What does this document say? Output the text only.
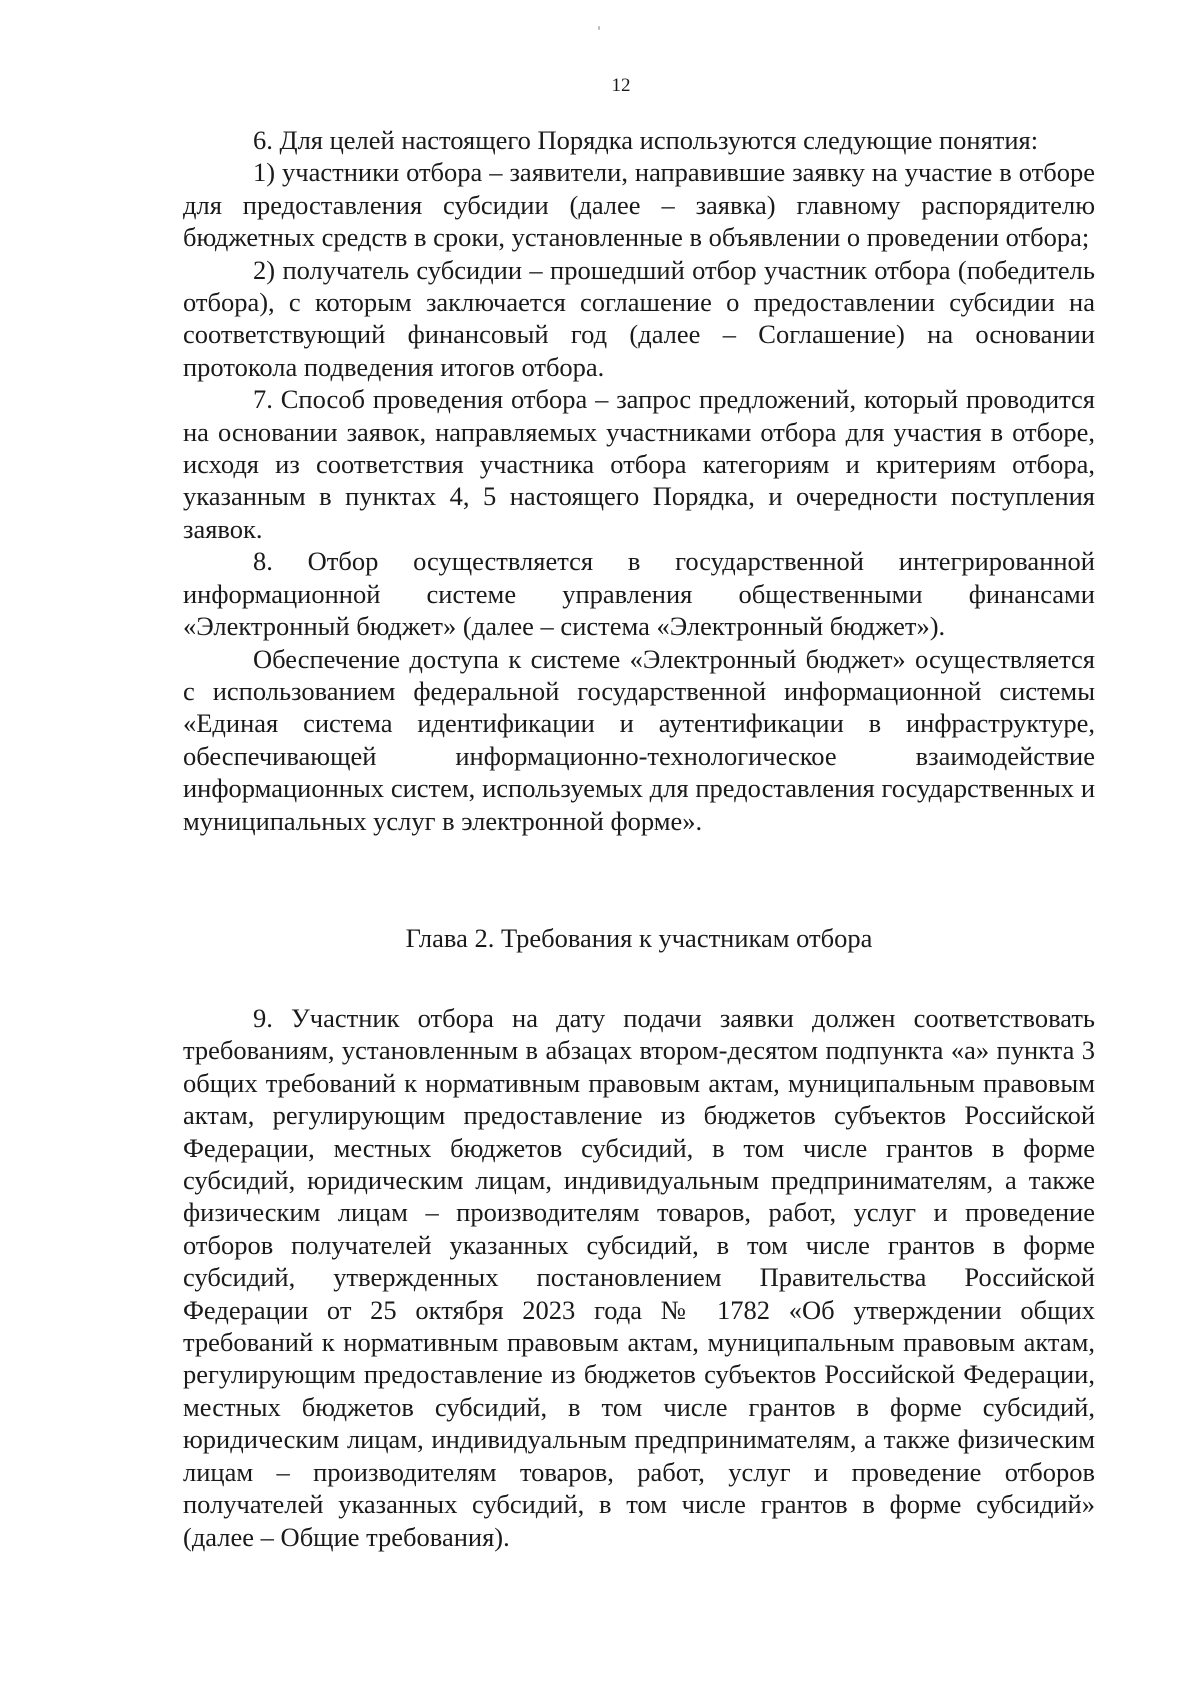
12

6. Для целей настоящего Порядка используются следующие понятия:

1) участники отбора – заявители, направившие заявку на участие в отборе для предоставления субсидии (далее – заявка) главному распорядителю бюджетных средств в сроки, установленные в объявлении о проведении отбора;

2) получатель субсидии – прошедший отбор участник отбора (победитель отбора), с которым заключается соглашение о предоставлении субсидии на соответствующий финансовый год (далее – Соглашение) на основании протокола подведения итогов отбора.

7. Способ проведения отбора – запрос предложений, который проводится на основании заявок, направляемых участниками отбора для участия в отборе, исходя из соответствия участника отбора категориям и критериям отбора, указанным в пунктах 4, 5 настоящего Порядка, и очередности поступления заявок.

8. Отбор осуществляется в государственной интегрированной информационной системе управления общественными финансами «Электронный бюджет» (далее – система «Электронный бюджет»).

Обеспечение доступа к системе «Электронный бюджет» осуществляется с использованием федеральной государственной информационной системы «Единая система идентификации и аутентификации в инфраструктуре, обеспечивающей информационно-технологическое взаимодействие информационных систем, используемых для предоставления государственных и муниципальных услуг в электронной форме».

Глава 2. Требования к участникам отбора

9. Участник отбора на дату подачи заявки должен соответствовать требованиям, установленным в абзацах втором-десятом подпункта «а» пункта 3 общих требований к нормативным правовым актам, муниципальным правовым актам, регулирующим предоставление из бюджетов субъектов Российской Федерации, местных бюджетов субсидий, в том числе грантов в форме субсидий, юридическим лицам, индивидуальным предпринимателям, а также физическим лицам – производителям товаров, работ, услуг и проведение отборов получателей указанных субсидий, в том числе грантов в форме субсидий, утвержденных постановлением Правительства Российской Федерации от 25 октября 2023 года № 1782 «Об утверждении общих требований к нормативным правовым актам, муниципальным правовым актам, регулирующим предоставление из бюджетов субъектов Российской Федерации, местных бюджетов субсидий, в том числе грантов в форме субсидий, юридическим лицам, индивидуальным предпринимателям, а также физическим лицам – производителям товаров, работ, услуг и проведение отборов получателей указанных субсидий, в том числе грантов в форме субсидий» (далее – Общие требования).
